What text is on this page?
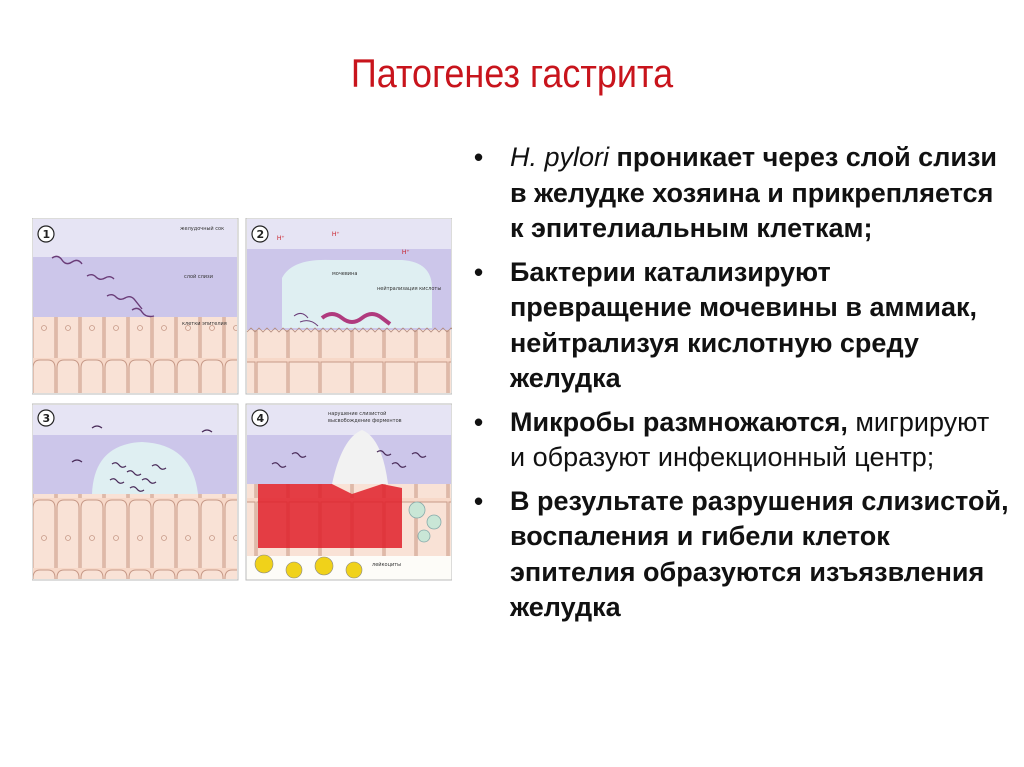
Патогенез гастрита
• H. pylori проникает через слой слизи в желудке хозяина и прикрепляется к эпителиальным клеткам;
• Бактерии катализируют превращение мочевины в аммиак, нейтрализуя кислотную среду желудка
• Микробы размножаются, мигрируют и образуют инфекционный центр;
• В результате разрушения слизистой, воспаления и гибели клеток эпителия образуются изъязвления желудка
желудочный сок
слой слизи
клетки эпителия
1
мочевина
нейтрализация кислоты
H⁺
H⁺
H⁺
2
3	нарушение слизистой
высвобождение ферментов
лейкоциты
4
